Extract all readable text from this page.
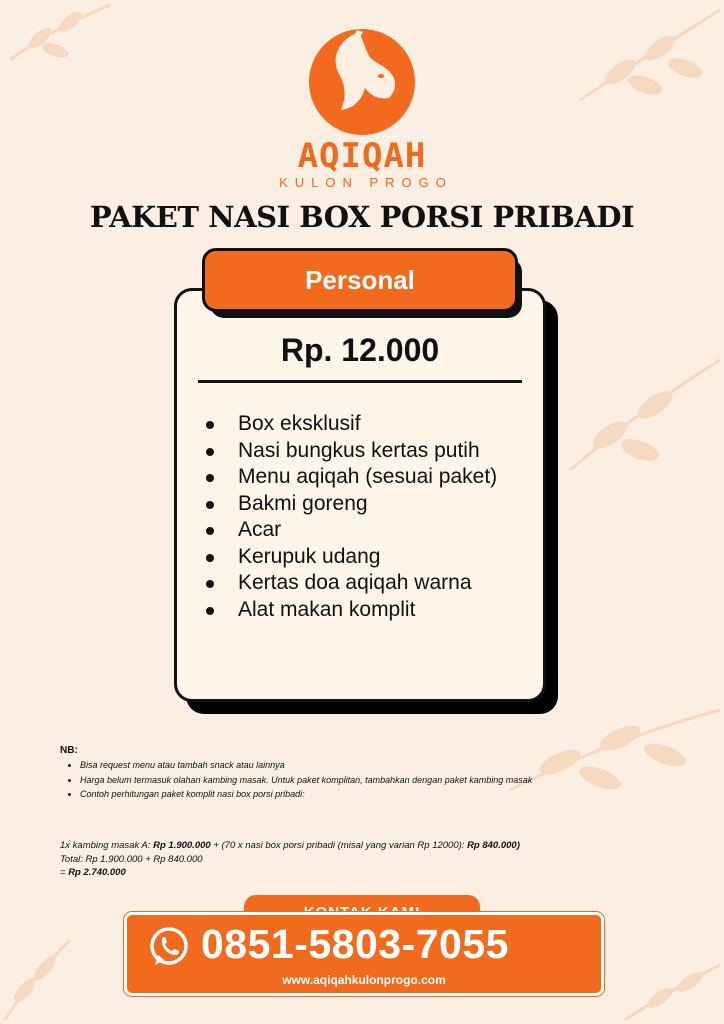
AQIQAH
KULON PROGO
PAKET NASI BOX PORSI PRIBADI
Personal
Rp. 12.000
Box eksklusif
Nasi bungkus kertas putih
Menu aqiqah (sesuai paket)
Bakmi goreng
Acar
Kerupuk udang
Kertas doa aqiqah warna
Alat makan komplit
NB:
• Bisa request menu atau tambah snack atau lainnya
• Harga belum termasuk olahan kambing masak. Untuk paket komplitan, tambahkan dengan paket kambing masak
• Contoh perhitungan paket komplit nasi box porsi pribadi:
1x kambing masak A: Rp 1.900.000 + (70 x nasi box porsi pribadi (misal yang varian Rp 12000): Rp 840.000)
Total: Rp 1.900.000 + Rp 840.000
= Rp 2.740.000
0851-5803-7055
www.aqiqahkulonprogo.com
